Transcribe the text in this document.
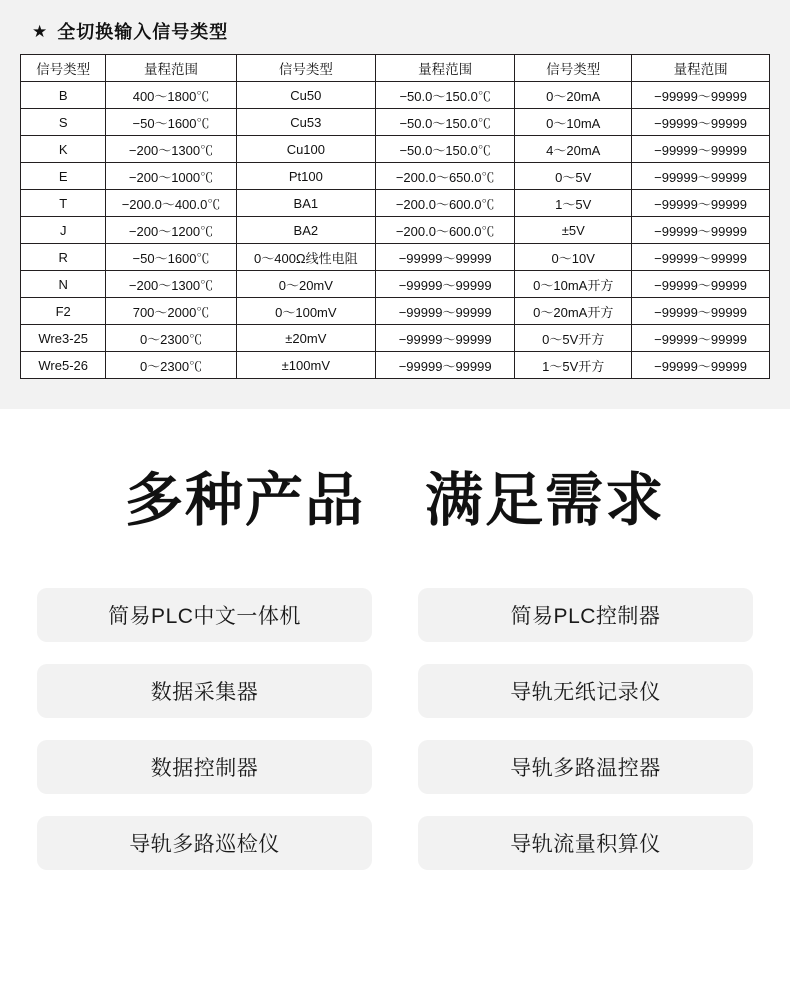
★ 全切换输入信号类型
信号类型	量程范围	信号类型	量程范围	信号类型	量程范围
B	400～1800℃	Cu50	−50.0～150.0℃	0～20mA	−99999～99999
S	−50～1600℃	Cu53	−50.0～150.0℃	0～10mA	−99999～99999
K	−200～1300℃	Cu100	−50.0～150.0℃	4～20mA	−99999～99999
E	−200～1000℃	Pt100	−200.0～650.0℃	0～5V	−99999～99999
T	−200.0～400.0℃	BA1	−200.0～600.0℃	1～5V	−99999～99999
J	−200～1200℃	BA2	−200.0～600.0℃	±5V	−99999～99999
R	−50～1600℃	0～400Ω线性电阻	−99999～99999	0～10V	−99999～99999
N	−200～1300℃	0～20mV	−99999～99999	0～10mA开方	−99999～99999
F2	700～2000℃	0～100mV	−99999～99999	0～20mA开方	−99999～99999
Wre3-25	0～2300℃	±20mV	−99999～99999	0～5V开方	−99999～99999
Wre5-26	0～2300℃	±100mV	−99999～99999	1～5V开方	−99999～99999
多种产品　满足需求
简易PLC中文一体机	简易PLC控制器
数据采集器	导轨无纸记录仪
数据控制器	导轨多路温控器
导轨多路巡检仪	导轨流量积算仪
